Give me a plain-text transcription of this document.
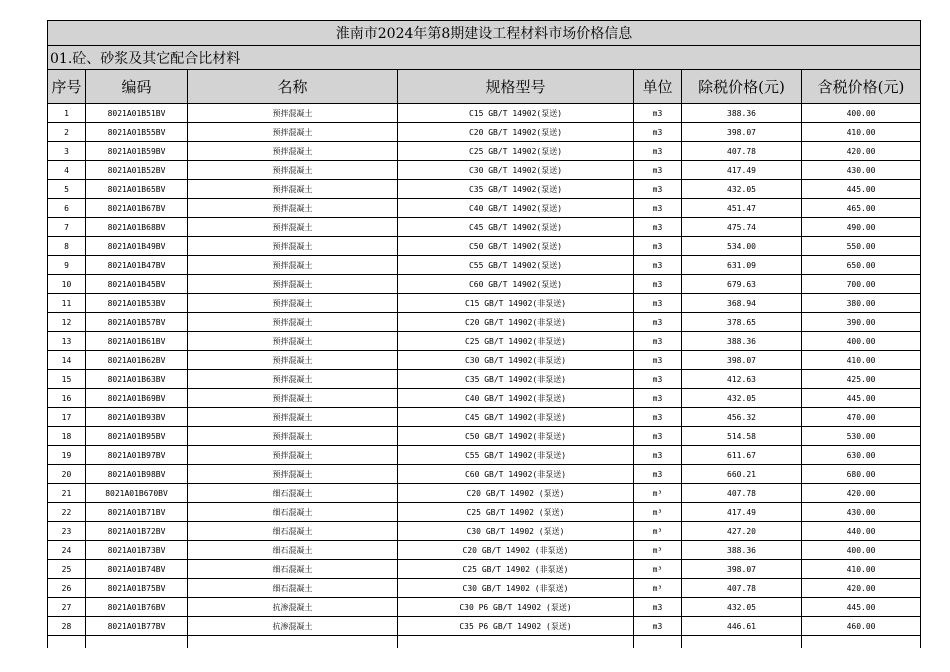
淮南市2024年第8期建设工程材料市场价格信息						
01.砼、砂浆及其它配合比材料						
序号	编码	名称	规格型号	单位	除税价格(元)	含税价格(元)
1	8021A01B51BV	预拌混凝土	C15 GB/T 14902(泵送)	m3	388.36	400.00
2	8021A01B55BV	预拌混凝土	C20 GB/T 14902(泵送)	m3	398.07	410.00
3	8021A01B59BV	预拌混凝土	C25 GB/T 14902(泵送)	m3	407.78	420.00
4	8021A01B52BV	预拌混凝土	C30 GB/T 14902(泵送)	m3	417.49	430.00
5	8021A01B65BV	预拌混凝土	C35 GB/T 14902(泵送)	m3	432.05	445.00
6	8021A01B67BV	预拌混凝土	C40 GB/T 14902(泵送)	m3	451.47	465.00
7	8021A01B68BV	预拌混凝土	C45 GB/T 14902(泵送)	m3	475.74	490.00
8	8021A01B49BV	预拌混凝土	C50 GB/T 14902(泵送)	m3	534.00	550.00
9	8021A01B47BV	预拌混凝土	C55 GB/T 14902(泵送)	m3	631.09	650.00
10	8021A01B45BV	预拌混凝土	C60 GB/T 14902(泵送)	m3	679.63	700.00
11	8021A01B53BV	预拌混凝土	C15 GB/T 14902(非泵送)	m3	368.94	380.00
12	8021A01B57BV	预拌混凝土	C20 GB/T 14902(非泵送)	m3	378.65	390.00
13	8021A01B61BV	预拌混凝土	C25 GB/T 14902(非泵送)	m3	388.36	400.00
14	8021A01B62BV	预拌混凝土	C30 GB/T 14902(非泵送)	m3	398.07	410.00
15	8021A01B63BV	预拌混凝土	C35 GB/T 14902(非泵送)	m3	412.63	425.00
16	8021A01B69BV	预拌混凝土	C40 GB/T 14902(非泵送)	m3	432.05	445.00
17	8021A01B93BV	预拌混凝土	C45 GB/T 14902(非泵送)	m3	456.32	470.00
18	8021A01B95BV	预拌混凝土	C50 GB/T 14902(非泵送)	m3	514.58	530.00
19	8021A01B97BV	预拌混凝土	C55 GB/T 14902(非泵送)	m3	611.67	630.00
20	8021A01B98BV	预拌混凝土	C60 GB/T 14902(非泵送)	m3	660.21	680.00
21	8021A01B670BV	细石混凝土	C20 GB/T 14902 (泵送)	m³	407.78	420.00
22	8021A01B71BV	细石混凝土	C25 GB/T 14902 (泵送)	m³	417.49	430.00
23	8021A01B72BV	细石混凝土	C30 GB/T 14902 (泵送)	m³	427.20	440.00
24	8021A01B73BV	细石混凝土	C20 GB/T 14902 (非泵送)	m³	388.36	400.00
25	8021A01B74BV	细石混凝土	C25 GB/T 14902 (非泵送)	m³	398.07	410.00
26	8021A01B75BV	细石混凝土	C30 GB/T 14902 (非泵送)	m³	407.78	420.00
27	8021A01B76BV	抗渗混凝土	C30 P6 GB/T 14902 (泵送)	m3	432.05	445.00
28	8021A01B77BV	抗渗混凝土	C35 P6 GB/T 14902 (泵送)	m3	446.61	460.00
